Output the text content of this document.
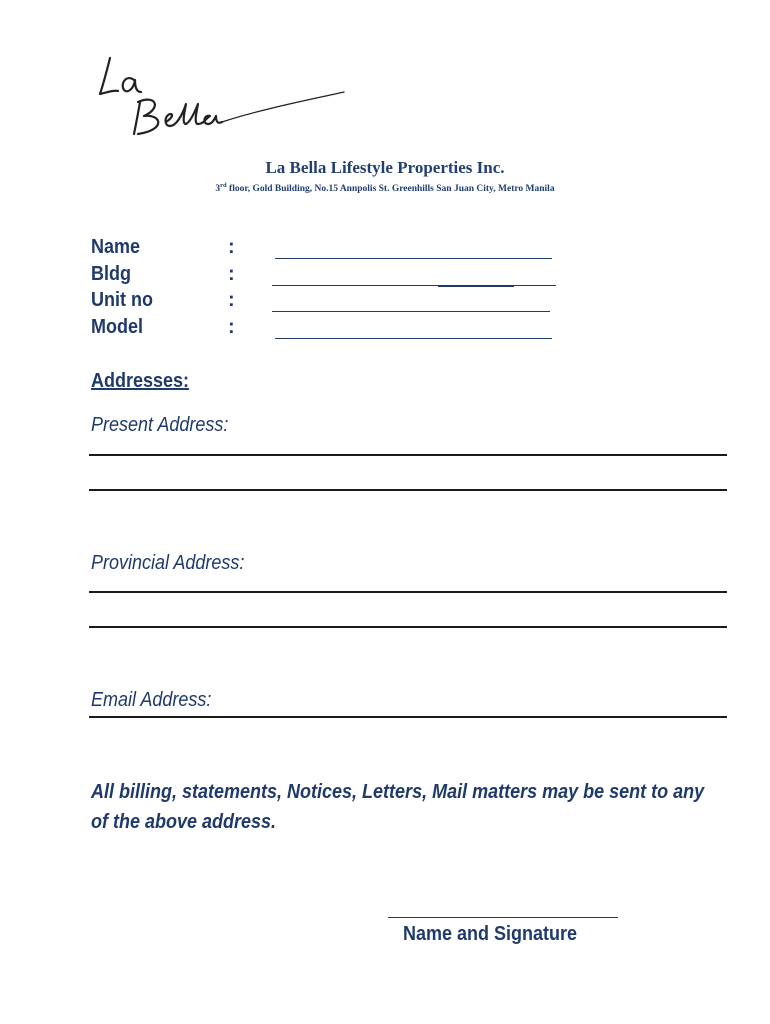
La Bella Lifestyle Properties Inc.
3rd floor, Gold Building, No.15 Annpolis St. Greenhills San Juan City, Metro Manila
Name	:
Bldg	:
Unit no	:
Model	:
Addresses:
Present Address:
Provincial Address:
Email Address:
All billing, statements, Notices, Letters, Mail matters may be sent to any of the above address.
Name and Signature
